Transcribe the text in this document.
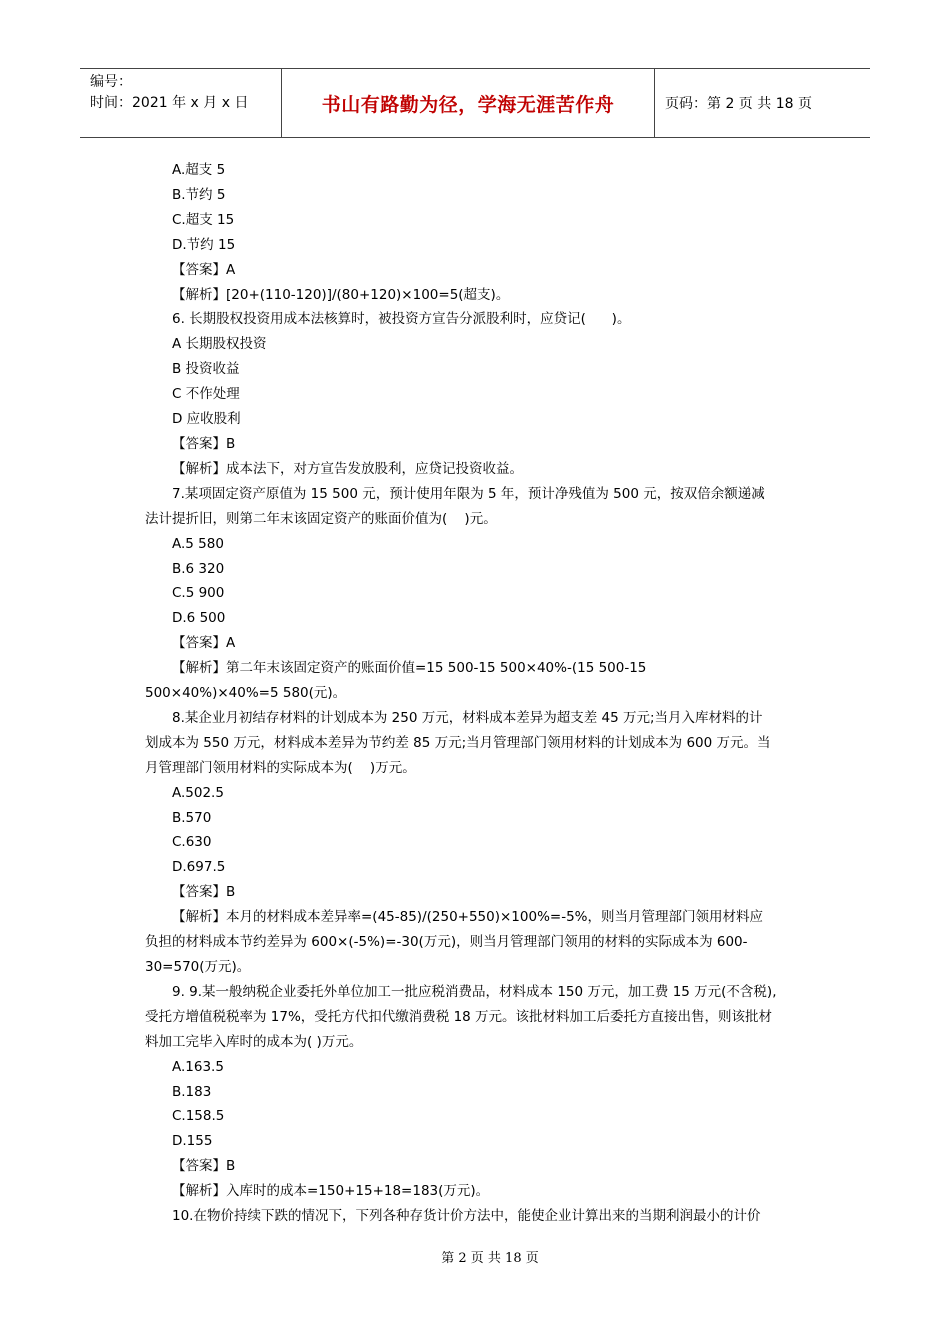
编号：
时间：2021 年 x 月 x 日	书山有路勤为径，学海无涯苦作舟	页码：第 2 页 共 18 页
A.超支 5
B.节约 5
C.超支 15
D.节约 15
【答案】A
【解析】[20+(110-120)]/(80+120)×100=5(超支)。
6. 长期股权投资用成本法核算时，被投资方宣告分派股利时，应贷记(      )。
A 长期股权投资
B 投资收益
C 不作处理
D 应收股利
【答案】B
【解析】成本法下，对方宣告发放股利，应贷记投资收益。
7.某项固定资产原值为 15 500 元，预计使用年限为 5 年，预计净残值为 500 元，按双倍余额递减
法计提折旧，则第二年末该固定资产的账面价值为(    )元。
A.5 580
B.6 320
C.5 900
D.6 500
【答案】A
【解析】第二年末该固定资产的账面价值=15 500-15 500×40%-(15 500-15
500×40%)×40%=5 580(元)。
8.某企业月初结存材料的计划成本为 250 万元，材料成本差异为超支差 45 万元;当月入库材料的计
划成本为 550 万元，材料成本差异为节约差 85 万元;当月管理部门领用材料的计划成本为 600 万元。当
月管理部门领用材料的实际成本为(    )万元。
A.502.5
B.570
C.630
D.697.5
【答案】B
【解析】本月的材料成本差异率=(45-85)/(250+550)×100%=-5%，则当月管理部门领用材料应
负担的材料成本节约差异为 600×(-5%)=-30(万元)，则当月管理部门领用的材料的实际成本为 600-
30=570(万元)。
9. 9.某一般纳税企业委托外单位加工一批应税消费品，材料成本 150 万元，加工费 15 万元(不含税),
受托方增值税税率为 17%，受托方代扣代缴消费税 18 万元。该批材料加工后委托方直接出售，则该批材
料加工完毕入库时的成本为( )万元。
A.163.5
B.183
C.158.5
D.155
【答案】B
【解析】入库时的成本=150+15+18=183(万元)。
10.在物价持续下跌的情况下，下列各种存货计价方法中，能使企业计算出来的当期利润最小的计价
第 2 页 共 18 页
